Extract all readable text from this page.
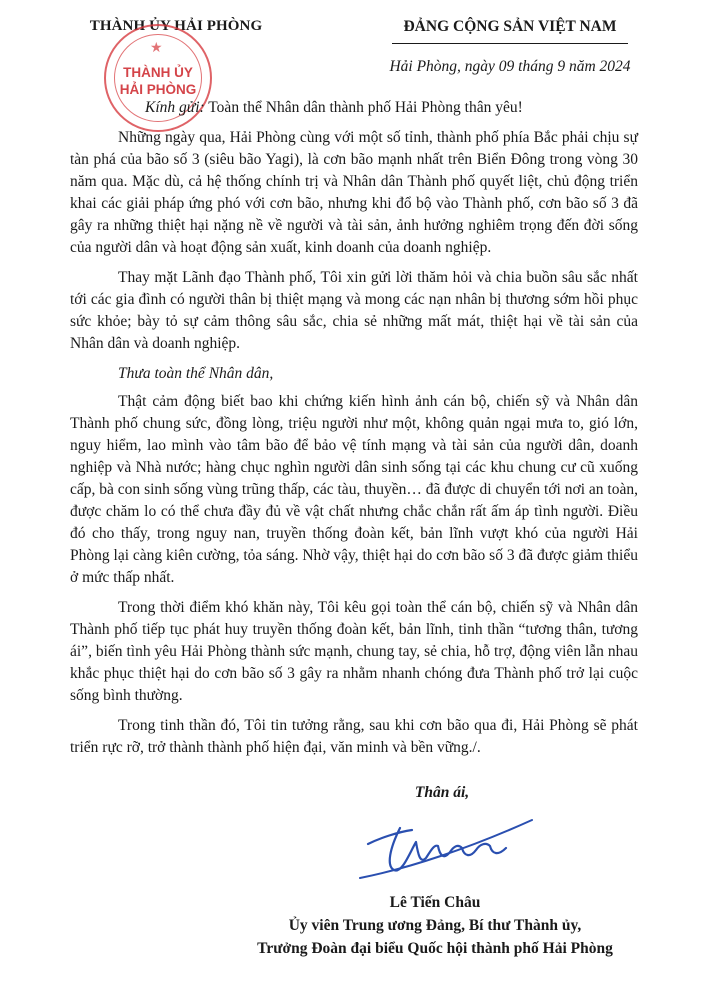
THÀNH ỦY HẢI PHÒNG	ĐẢNG CỘNG SẢN VIỆT NAM
Hải Phòng, ngày 09 tháng 9 năm 2024
★
THÀNH ỦY
HẢI PHÒNG
Kính gửi: Toàn thể Nhân dân thành phố Hải Phòng thân yêu!

Những ngày qua, Hải Phòng cùng với một số tỉnh, thành phố phía Bắc phải chịu sự tàn phá của bão số 3 (siêu bão Yagi), là cơn bão mạnh nhất trên Biển Đông trong vòng 30 năm qua. Mặc dù, cả hệ thống chính trị và Nhân dân Thành phố quyết liệt, chủ động triển khai các giải pháp ứng phó với cơn bão, nhưng khi đổ bộ vào Thành phố, cơn bão số 3 đã gây ra những thiệt hại nặng nề về người và tài sản, ảnh hưởng nghiêm trọng đến đời sống của người dân và hoạt động sản xuất, kinh doanh của doanh nghiệp.

Thay mặt Lãnh đạo Thành phố, Tôi xin gửi lời thăm hỏi và chia buồn sâu sắc nhất tới các gia đình có người thân bị thiệt mạng và mong các nạn nhân bị thương sớm hồi phục sức khỏe; bày tỏ sự cảm thông sâu sắc, chia sẻ những mất mát, thiệt hại về tài sản của Nhân dân và doanh nghiệp.

Thưa toàn thể Nhân dân,

Thật cảm động biết bao khi chứng kiến hình ảnh cán bộ, chiến sỹ và Nhân dân Thành phố chung sức, đồng lòng, triệu người như một, không quản ngại mưa to, gió lớn, nguy hiểm, lao mình vào tâm bão để bảo vệ tính mạng và tài sản của người dân, doanh nghiệp và Nhà nước; hàng chục nghìn người dân sinh sống tại các khu chung cư cũ xuống cấp, bà con sinh sống vùng trũng thấp, các tàu, thuyền… đã được di chuyển tới nơi an toàn, được chăm lo có thể chưa đầy đủ về vật chất nhưng chắc chắn rất ấm áp tình người. Điều đó cho thấy, trong nguy nan, truyền thống đoàn kết, bản lĩnh vượt khó của người Hải Phòng lại càng kiên cường, tỏa sáng. Nhờ vậy, thiệt hại do cơn bão số 3 đã được giảm thiểu ở mức thấp nhất.

Trong thời điểm khó khăn này, Tôi kêu gọi toàn thể cán bộ, chiến sỹ và Nhân dân Thành phố tiếp tục phát huy truyền thống đoàn kết, bản lĩnh, tinh thần “tương thân, tương ái”, biến tình yêu Hải Phòng thành sức mạnh, chung tay, sẻ chia, hỗ trợ, động viên lẫn nhau khắc phục thiệt hại do cơn bão số 3 gây ra nhằm nhanh chóng đưa Thành phố trở lại cuộc sống bình thường.

Trong tinh thần đó, Tôi tin tưởng rằng, sau khi cơn bão qua đi, Hải Phòng sẽ phát triển rực rỡ, trở thành thành phố hiện đại, văn minh và bền vững./.

Thân ái,
Lê Tiến Châu
Ủy viên Trung ương Đảng, Bí thư Thành ủy,
Trưởng Đoàn đại biểu Quốc hội thành phố Hải Phòng
